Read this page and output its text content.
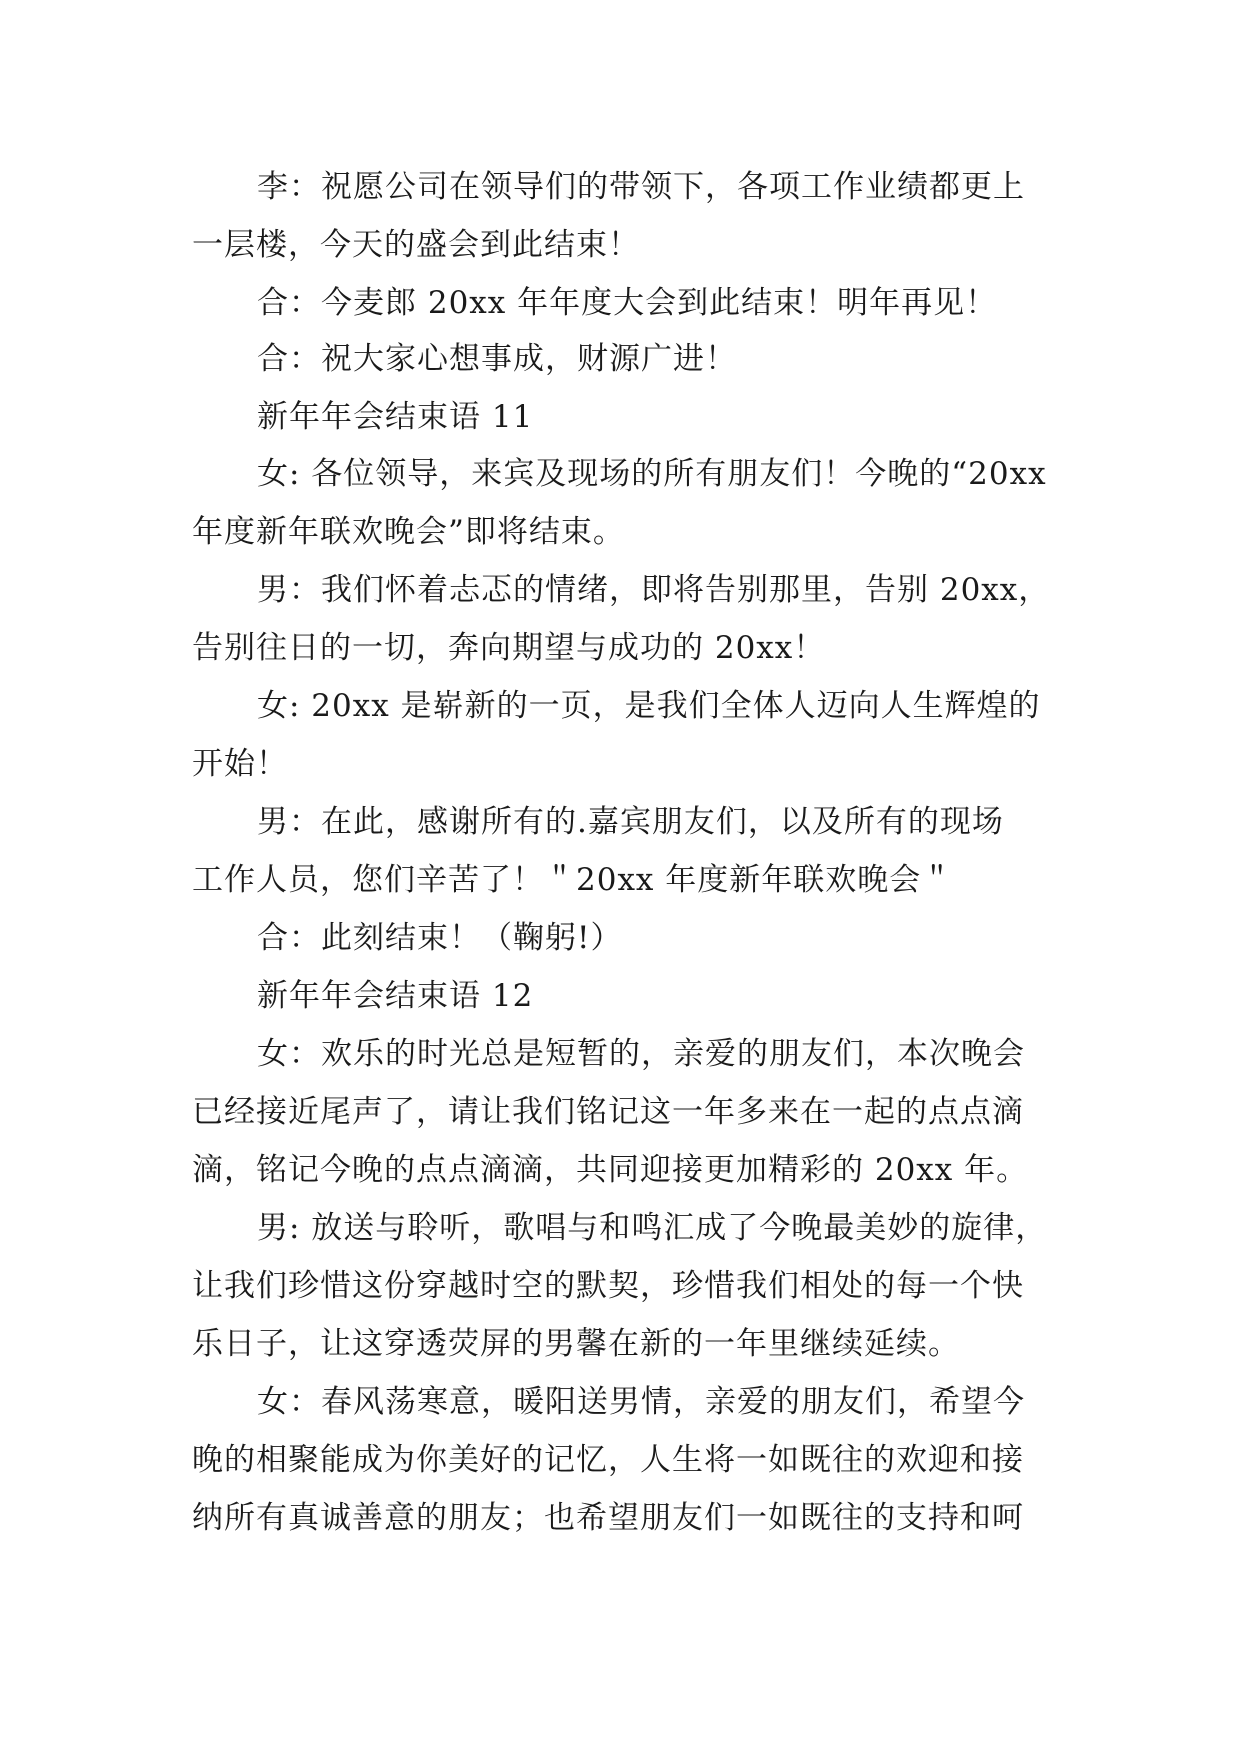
李：祝愿公司在领导们的带领下，各项工作业绩都更上
一层楼，今天的盛会到此结束！
合：今麦郎 20xx 年年度大会到此结束！明年再见！
合：祝大家心想事成，财源广进！
新年年会结束语 11
女: 各位领导，来宾及现场的所有朋友们！今晚的“20xx
年度新年联欢晚会”即将结束。
男：我们怀着忐忑的情绪，即将告别那里，告别 20xx，
告别往日的一切，奔向期望与成功的 20xx！
女: 20xx 是崭新的一页，是我们全体人迈向人生辉煌的
开始！
男：在此，感谢所有的.嘉宾朋友们，以及所有的现场
工作人员，您们辛苦了！＂20xx 年度新年联欢晚会＂
合：此刻结束！（鞠躬!）
新年年会结束语 12
女：欢乐的时光总是短暂的，亲爱的朋友们，本次晚会
已经接近尾声了，请让我们铭记这一年多来在一起的点点滴
滴，铭记今晚的点点滴滴，共同迎接更加精彩的 20xx 年。
男: 放送与聆听，歌唱与和鸣汇成了今晚最美妙的旋律，
让我们珍惜这份穿越时空的默契，珍惜我们相处的每一个快
乐日子，让这穿透荧屏的男馨在新的一年里继续延续。
女：春风荡寒意，暖阳送男情，亲爱的朋友们，希望今
晚的相聚能成为你美好的记忆，人生将一如既往的欢迎和接
纳所有真诚善意的朋友；也希望朋友们一如既往的支持和呵
